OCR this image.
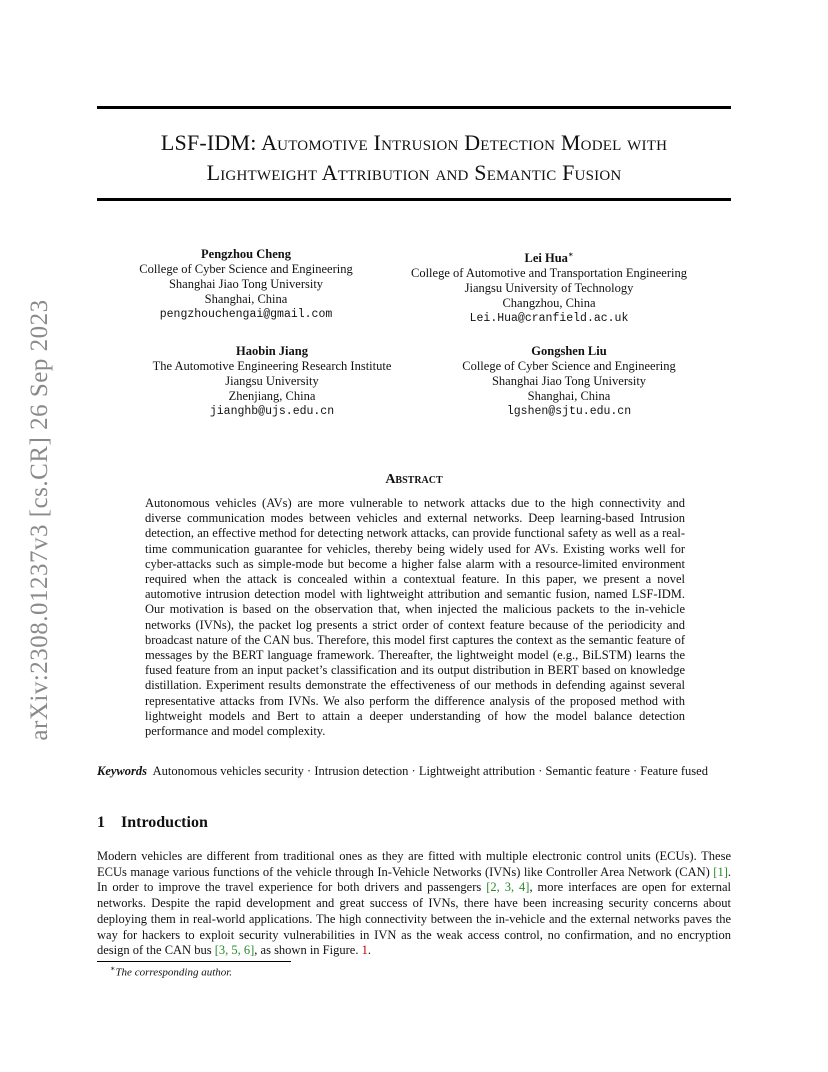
arXiv:2308.01237v3 [cs.CR] 26 Sep 2023
LSF-IDM: Automotive Intrusion Detection Model with
Lightweight Attribution and Semantic Fusion
Pengzhou Cheng
College of Cyber Science and Engineering
Shanghai Jiao Tong University
Shanghai, China
pengzhouchengai@gmail.com
Lei Hua∗
College of Automotive and Transportation Engineering
Jiangsu University of Technology
Changzhou, China
Lei.Hua@cranfield.ac.uk
Haobin Jiang
The Automotive Engineering Research Institute
Jiangsu University
Zhenjiang, China
jianghb@ujs.edu.cn
Gongshen Liu
College of Cyber Science and Engineering
Shanghai Jiao Tong University
Shanghai, China
lgshen@sjtu.edu.cn
Abstract
Autonomous vehicles (AVs) are more vulnerable to network attacks due to the high connectivity and diverse communication modes between vehicles and external networks. Deep learning-based Intrusion detection, an effective method for detecting network attacks, can provide functional safety as well as a real-time communication guarantee for vehicles, thereby being widely used for AVs. Existing works well for cyber-attacks such as simple-mode but become a higher false alarm with a resource-limited environment required when the attack is concealed within a contextual feature. In this paper, we present a novel automotive intrusion detection model with lightweight attribution and semantic fusion, named LSF-IDM. Our motivation is based on the observation that, when injected the malicious packets to the in-vehicle networks (IVNs), the packet log presents a strict order of context feature because of the periodicity and broadcast nature of the CAN bus. Therefore, this model first captures the context as the semantic feature of messages by the BERT language framework. Thereafter, the lightweight model (e.g., BiLSTM) learns the fused feature from an input packet’s classification and its output distribution in BERT based on knowledge distillation. Experiment results demonstrate the effectiveness of our methods in defending against several representative attacks from IVNs. We also perform the difference analysis of the proposed method with lightweight models and Bert to attain a deeper understanding of how the model balance detection performance and model complexity.
Keywords Autonomous vehicles security · Intrusion detection · Lightweight attribution · Semantic feature · Feature fused
1 Introduction
Modern vehicles are different from traditional ones as they are fitted with multiple electronic control units (ECUs). These ECUs manage various functions of the vehicle through In-Vehicle Networks (IVNs) like Controller Area Network (CAN) [1]. In order to improve the travel experience for both drivers and passengers [2, 3, 4], more interfaces are open for external networks. Despite the rapid development and great success of IVNs, there have been increasing security concerns about deploying them in real-world applications. The high connectivity between the in-vehicle and the external networks paves the way for hackers to exploit security vulnerabilities in IVN as the weak access control, no confirmation, and no encryption design of the CAN bus [3, 5, 6], as shown in Figure. 1.
∗The corresponding author.
